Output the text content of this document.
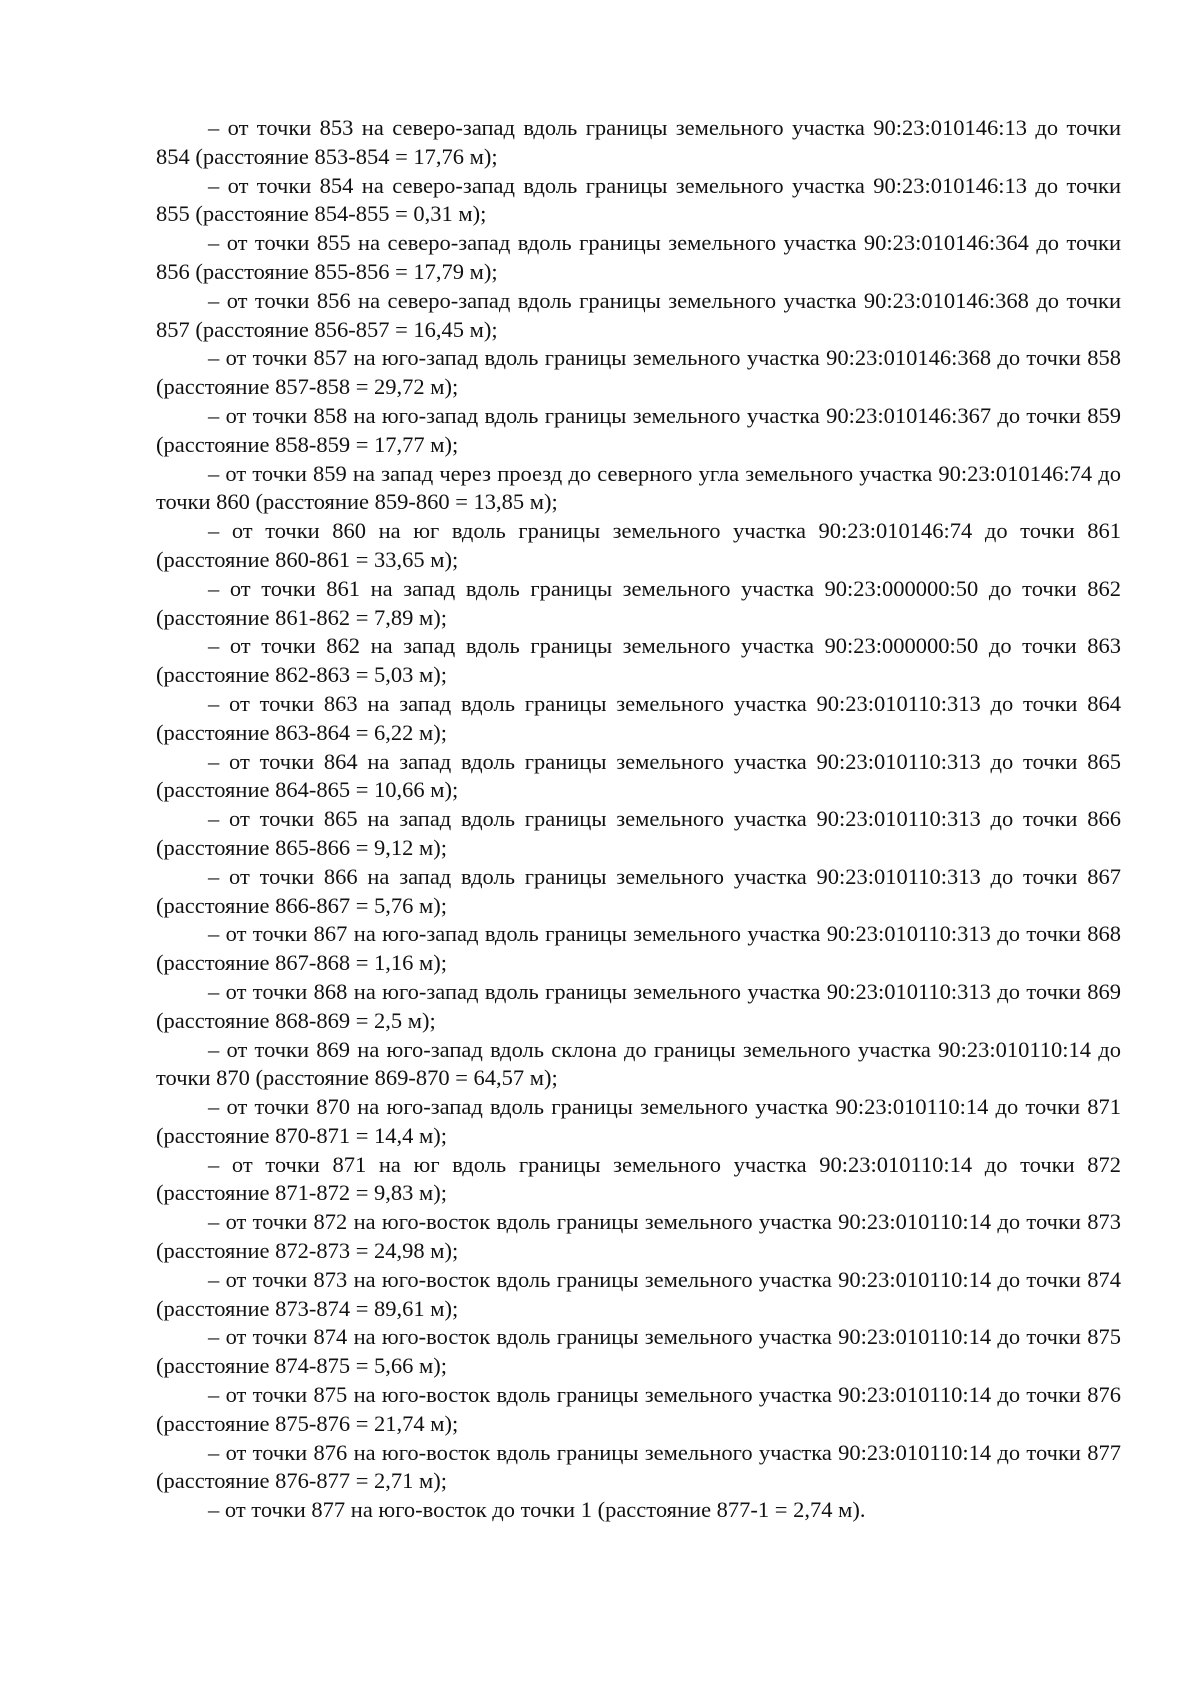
– от точки 853 на северо-запад вдоль границы земельного участка 90:23:010146:13 до точки 854 (расстояние 853-854 = 17,76 м);

– от точки 854 на северо-запад вдоль границы земельного участка 90:23:010146:13 до точки 855 (расстояние 854-855 = 0,31 м);

– от точки 855 на северо-запад вдоль границы земельного участка 90:23:010146:364 до точки 856 (расстояние 855-856 = 17,79 м);

– от точки 856 на северо-запад вдоль границы земельного участка 90:23:010146:368 до точки 857 (расстояние 856-857 = 16,45 м);

– от точки 857 на юго-запад вдоль границы земельного участка 90:23:010146:368 до точки 858 (расстояние 857-858 = 29,72 м);

– от точки 858 на юго-запад вдоль границы земельного участка 90:23:010146:367 до точки 859 (расстояние 858-859 = 17,77 м);

– от точки 859 на запад через проезд до северного угла земельного участка 90:23:010146:74 до точки 860 (расстояние 859-860 = 13,85 м);

– от точки 860 на юг вдоль границы земельного участка 90:23:010146:74 до точки 861 (расстояние 860-861 = 33,65 м);

– от точки 861 на запад вдоль границы земельного участка 90:23:000000:50 до точки 862 (расстояние 861-862 = 7,89 м);

– от точки 862 на запад вдоль границы земельного участка 90:23:000000:50 до точки 863 (расстояние 862-863 = 5,03 м);

– от точки 863 на запад вдоль границы земельного участка 90:23:010110:313 до точки 864 (расстояние 863-864 = 6,22 м);

– от точки 864 на запад вдоль границы земельного участка 90:23:010110:313 до точки 865 (расстояние 864-865 = 10,66 м);

– от точки 865 на запад вдоль границы земельного участка 90:23:010110:313 до точки 866 (расстояние 865-866 = 9,12 м);

– от точки 866 на запад вдоль границы земельного участка 90:23:010110:313 до точки 867 (расстояние 866-867 = 5,76 м);

– от точки 867 на юго-запад вдоль границы земельного участка 90:23:010110:313 до точки 868 (расстояние 867-868 = 1,16 м);

– от точки 868 на юго-запад вдоль границы земельного участка 90:23:010110:313 до точки 869 (расстояние 868-869 = 2,5 м);

– от точки 869 на юго-запад вдоль склона до границы земельного участка 90:23:010110:14 до точки 870 (расстояние 869-870 = 64,57 м);

– от точки 870 на юго-запад вдоль границы земельного участка 90:23:010110:14 до точки 871 (расстояние 870-871 = 14,4 м);

– от точки 871 на юг вдоль границы земельного участка 90:23:010110:14 до точки 872 (расстояние 871-872 = 9,83 м);

– от точки 872 на юго-восток вдоль границы земельного участка 90:23:010110:14 до точки 873 (расстояние 872-873 = 24,98 м);

– от точки 873 на юго-восток вдоль границы земельного участка 90:23:010110:14 до точки 874 (расстояние 873-874 = 89,61 м);

– от точки 874 на юго-восток вдоль границы земельного участка 90:23:010110:14 до точки 875 (расстояние 874-875 = 5,66 м);

– от точки 875 на юго-восток вдоль границы земельного участка 90:23:010110:14 до точки 876 (расстояние 875-876 = 21,74 м);

– от точки 876 на юго-восток вдоль границы земельного участка 90:23:010110:14 до точки 877 (расстояние 876-877 = 2,71 м);

– от точки 877 на юго-восток до точки 1 (расстояние 877-1 = 2,74 м).
